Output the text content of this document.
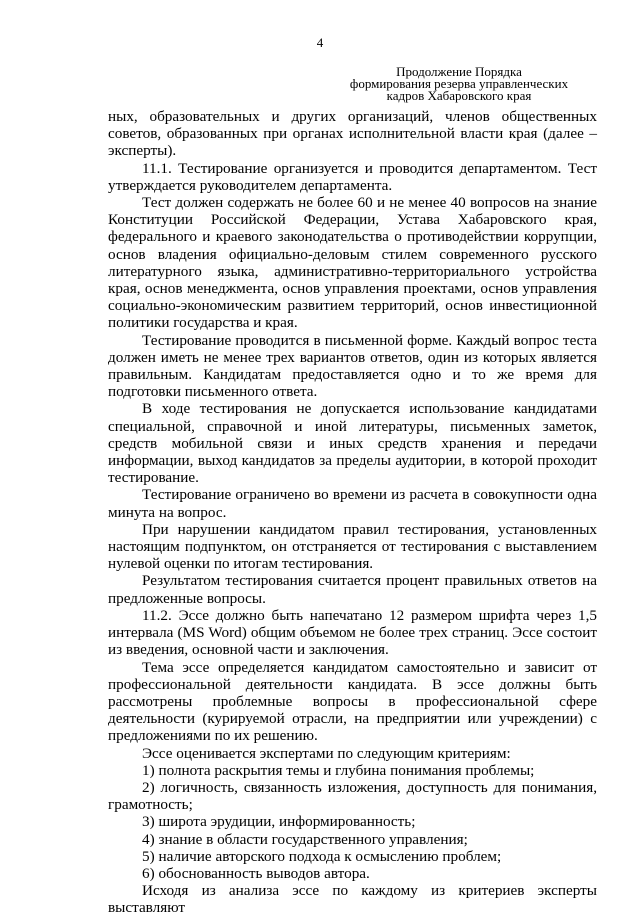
4
Продолжение Порядка
формирования резерва управленческих
кадров Хабаровского края

ных, образовательных и других организаций, членов общественных советов, образованных при органах исполнительной власти края (далее – эксперты).

11.1. Тестирование организуется и проводится департаментом. Тест утверждается руководителем департамента.

Тест должен содержать не более 60 и не менее 40 вопросов на знание Конституции Российской Федерации, Устава Хабаровского края, федерального и краевого законодательства о противодействии коррупции, основ владения официально-деловым стилем современного русского литературного языка, административно-территориального устройства края, основ менеджмента, основ управления проектами, основ управления социально-экономическим развитием территорий, основ инвестиционной политики государства и края.

Тестирование проводится в письменной форме. Каждый вопрос теста должен иметь не менее трех вариантов ответов, один из которых является правильным. Кандидатам предоставляется одно и то же время для подготовки письменного ответа.

В ходе тестирования не допускается использование кандидатами специальной, справочной и иной литературы, письменных заметок, средств мобильной связи и иных средств хранения и передачи информации, выход кандидатов за пределы аудитории, в которой проходит тестирование.

Тестирование ограничено во времени из расчета в совокупности одна минута на вопрос.

При нарушении кандидатом правил тестирования, установленных настоящим подпунктом, он отстраняется от тестирования с выставлением нулевой оценки по итогам тестирования.

Результатом тестирования считается процент правильных ответов на предложенные вопросы.

11.2. Эссе должно быть напечатано 12 размером шрифта через 1,5 интервала (MS Word) общим объемом не более трех страниц. Эссе состоит из введения, основной части и заключения.

Тема эссе определяется кандидатом самостоятельно и зависит от профессиональной деятельности кандидата. В эссе должны быть рассмотрены проблемные вопросы в профессиональной сфере деятельности (курируемой отрасли, на предприятии или учреждении) с предложениями по их решению.

Эссе оценивается экспертами по следующим критериям:

1) полнота раскрытия темы и глубина понимания проблемы;

2) логичность, связанность изложения, доступность для понимания, грамотность;

3) широта эрудиции, информированность;

4) знание в области государственного управления;

5) наличие авторского подхода к осмыслению проблем;

6) обоснованность выводов автора.

Исходя из анализа эссе по каждому из критериев эксперты выставляют
